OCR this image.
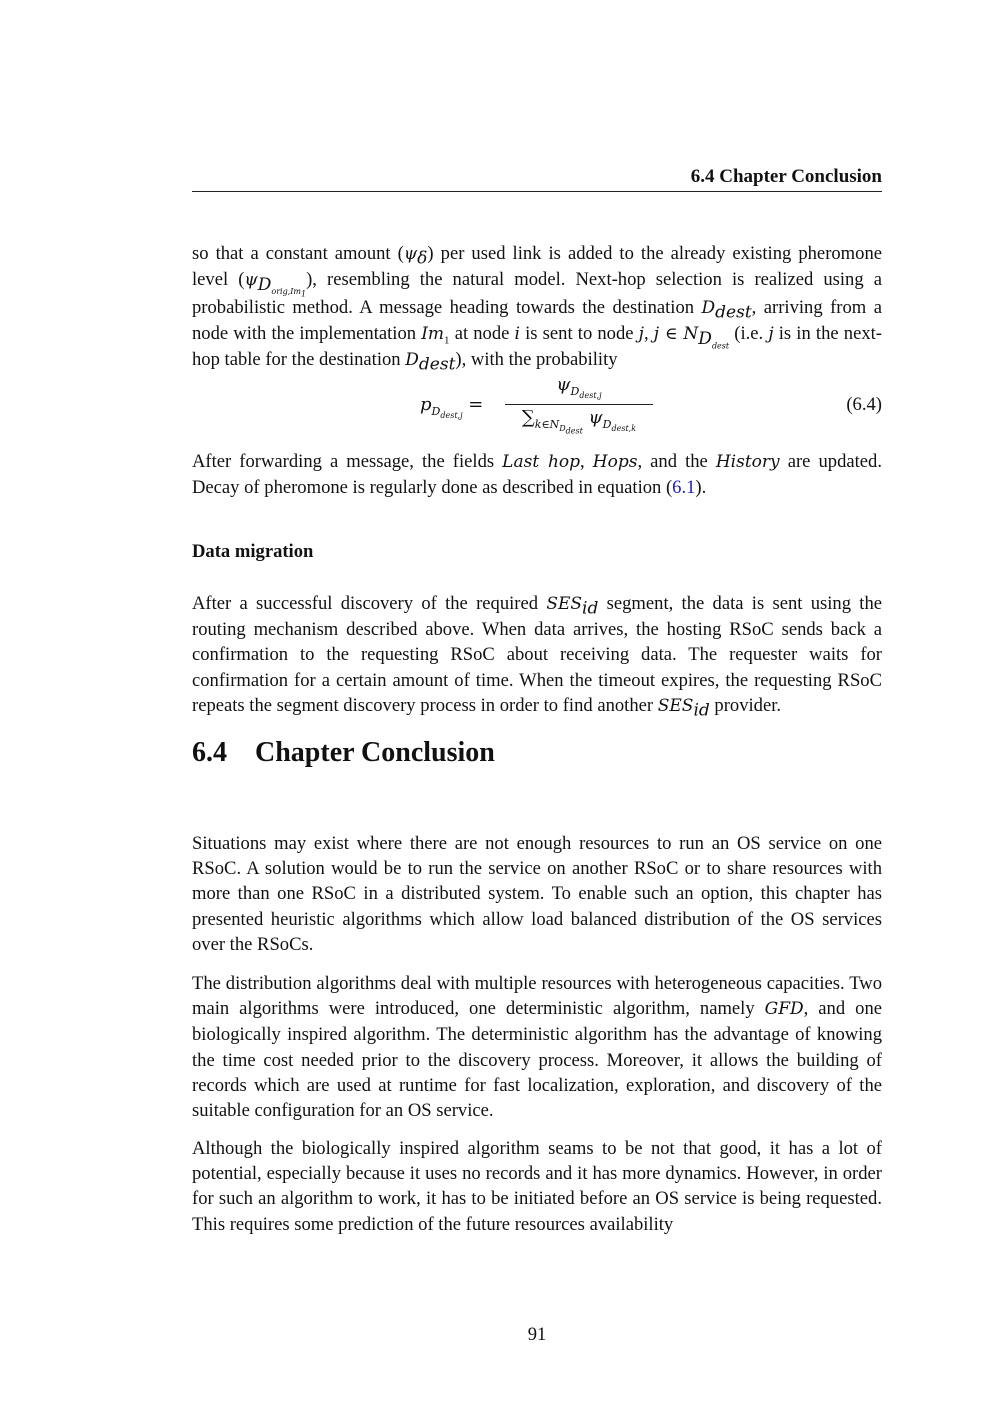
6.4 Chapter Conclusion

so that a constant amount $(\psi_\delta)$ per used link is added to the already existing pheromone level $(\psi_{D_{orig,Im_1}})$, resembling the natural model. Next-hop selection is realized using a probabilistic method. A message heading towards the destination $D_{dest}$, arriving from a node with the implementation $Im_1$ at node i is sent to node j, j ∈ $N_{D_{dest}}$ (i.e. j is in the next-hop table for the destination $D_{dest}$), with the probability

$p_{D_{dest,j}}$ =
$\psi_{D_{dest,j}}$
$\sum_{k\in N_{D_{dest}}}$ $\psi_{D_{dest,k}}$
(6.4)

After forwarding a message, the fields Last hop, Hops, and the History are updated. Decay of pheromone is regularly done as described in equation (6.1).

Data migration

After a successful discovery of the required $SES_{id}$ segment, the data is sent using the routing mechanism described above. When data arrives, the hosting RSoC sends back a confirmation to the requesting RSoC about receiving data. The requester waits for confirmation for a certain amount of time. When the timeout expires, the requesting RSoC repeats the segment discovery process in order to find another $SES_{id}$ provider.

6.4 Chapter Conclusion

Situations may exist where there are not enough resources to run an OS service on one RSoC. A solution would be to run the service on another RSoC or to share resources with more than one RSoC in a distributed system. To enable such an option, this chapter has presented heuristic algorithms which allow load balanced distribution of the OS services over the RSoCs.

The distribution algorithms deal with multiple resources with heterogeneous capacities. Two main algorithms were introduced, one deterministic algorithm, namely GFD, and one biologically inspired algorithm. The deterministic algorithm has the advantage of knowing the time cost needed prior to the discovery process. Moreover, it allows the building of records which are used at runtime for fast localization, exploration, and discovery of the suitable configuration for an OS service.

Although the biologically inspired algorithm seams to be not that good, it has a lot of potential, especially because it uses no records and it has more dynamics. However, in order for such an algorithm to work, it has to be initiated before an OS service is being requested. This requires some prediction of the future resources availability

91
